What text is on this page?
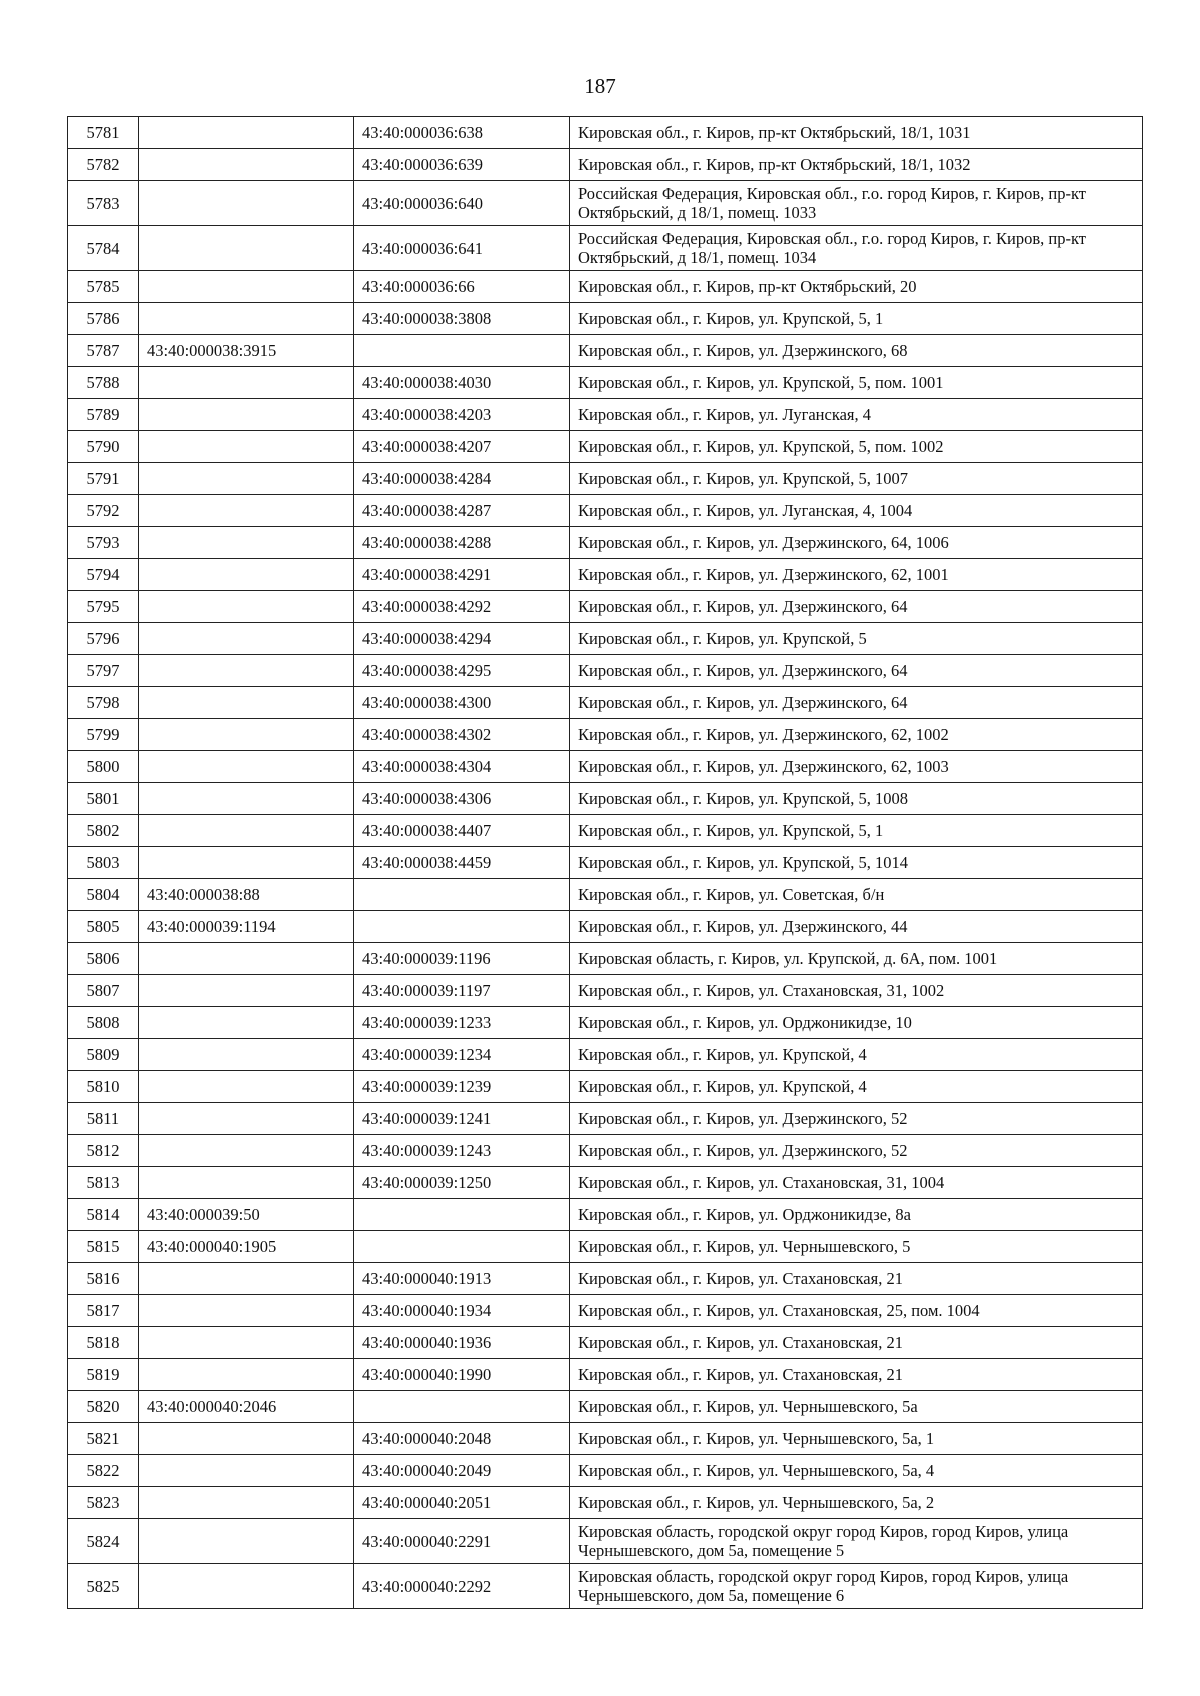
187
5781		43:40:000036:638	Кировская обл., г. Киров, пр-кт Октябрьский, 18/1, 1031
5782		43:40:000036:639	Кировская обл., г. Киров, пр-кт Октябрьский, 18/1, 1032
5783		43:40:000036:640	Российская Федерация, Кировская обл., г.о. город Киров, г. Киров, пр-кт Октябрьский, д 18/1, помещ. 1033
5784		43:40:000036:641	Российская Федерация, Кировская обл., г.о. город Киров, г. Киров, пр-кт Октябрьский, д 18/1, помещ. 1034
5785		43:40:000036:66	Кировская обл., г. Киров, пр-кт Октябрьский, 20
5786		43:40:000038:3808	Кировская обл., г. Киров, ул. Крупской, 5, 1
5787	43:40:000038:3915		Кировская обл., г. Киров, ул. Дзержинского, 68
5788		43:40:000038:4030	Кировская обл., г. Киров, ул. Крупской, 5, пом. 1001
5789		43:40:000038:4203	Кировская обл., г. Киров, ул. Луганская, 4
5790		43:40:000038:4207	Кировская обл., г. Киров, ул. Крупской, 5, пом. 1002
5791		43:40:000038:4284	Кировская обл., г. Киров, ул. Крупской, 5, 1007
5792		43:40:000038:4287	Кировская обл., г. Киров, ул. Луганская, 4, 1004
5793		43:40:000038:4288	Кировская обл., г. Киров, ул. Дзержинского, 64, 1006
5794		43:40:000038:4291	Кировская обл., г. Киров, ул. Дзержинского, 62, 1001
5795		43:40:000038:4292	Кировская обл., г. Киров, ул. Дзержинского, 64
5796		43:40:000038:4294	Кировская обл., г. Киров, ул. Крупской, 5
5797		43:40:000038:4295	Кировская обл., г. Киров, ул. Дзержинского, 64
5798		43:40:000038:4300	Кировская обл., г. Киров, ул. Дзержинского, 64
5799		43:40:000038:4302	Кировская обл., г. Киров, ул. Дзержинского, 62, 1002
5800		43:40:000038:4304	Кировская обл., г. Киров, ул. Дзержинского, 62, 1003
5801		43:40:000038:4306	Кировская обл., г. Киров, ул. Крупской, 5, 1008
5802		43:40:000038:4407	Кировская обл., г. Киров, ул. Крупской, 5, 1
5803		43:40:000038:4459	Кировская обл., г. Киров, ул. Крупской, 5, 1014
5804	43:40:000038:88		Кировская обл., г. Киров, ул. Советская, б/н
5805	43:40:000039:1194		Кировская обл., г. Киров, ул. Дзержинского, 44
5806		43:40:000039:1196	Кировская область, г. Киров, ул. Крупской, д. 6А, пом. 1001
5807		43:40:000039:1197	Кировская обл., г. Киров, ул. Стахановская, 31, 1002
5808		43:40:000039:1233	Кировская обл., г. Киров, ул. Орджоникидзе, 10
5809		43:40:000039:1234	Кировская обл., г. Киров, ул. Крупской, 4
5810		43:40:000039:1239	Кировская обл., г. Киров, ул. Крупской, 4
5811		43:40:000039:1241	Кировская обл., г. Киров, ул. Дзержинского, 52
5812		43:40:000039:1243	Кировская обл., г. Киров, ул. Дзержинского, 52
5813		43:40:000039:1250	Кировская обл., г. Киров, ул. Стахановская, 31, 1004
5814	43:40:000039:50		Кировская обл., г. Киров, ул. Орджоникидзе, 8а
5815	43:40:000040:1905		Кировская обл., г. Киров, ул. Чернышевского, 5
5816		43:40:000040:1913	Кировская обл., г. Киров, ул. Стахановская, 21
5817		43:40:000040:1934	Кировская обл., г. Киров, ул. Стахановская, 25, пом. 1004
5818		43:40:000040:1936	Кировская обл., г. Киров, ул. Стахановская, 21
5819		43:40:000040:1990	Кировская обл., г. Киров, ул. Стахановская, 21
5820	43:40:000040:2046		Кировская обл., г. Киров, ул. Чернышевского, 5а
5821		43:40:000040:2048	Кировская обл., г. Киров, ул. Чернышевского, 5а, 1
5822		43:40:000040:2049	Кировская обл., г. Киров, ул. Чернышевского, 5а, 4
5823		43:40:000040:2051	Кировская обл., г. Киров, ул. Чернышевского, 5а, 2
5824		43:40:000040:2291	Кировская область, городской округ город Киров, город Киров, улица Чернышевского, дом 5а, помещение 5
5825		43:40:000040:2292	Кировская область, городской округ город Киров, город Киров, улица Чернышевского, дом 5а, помещение 6
